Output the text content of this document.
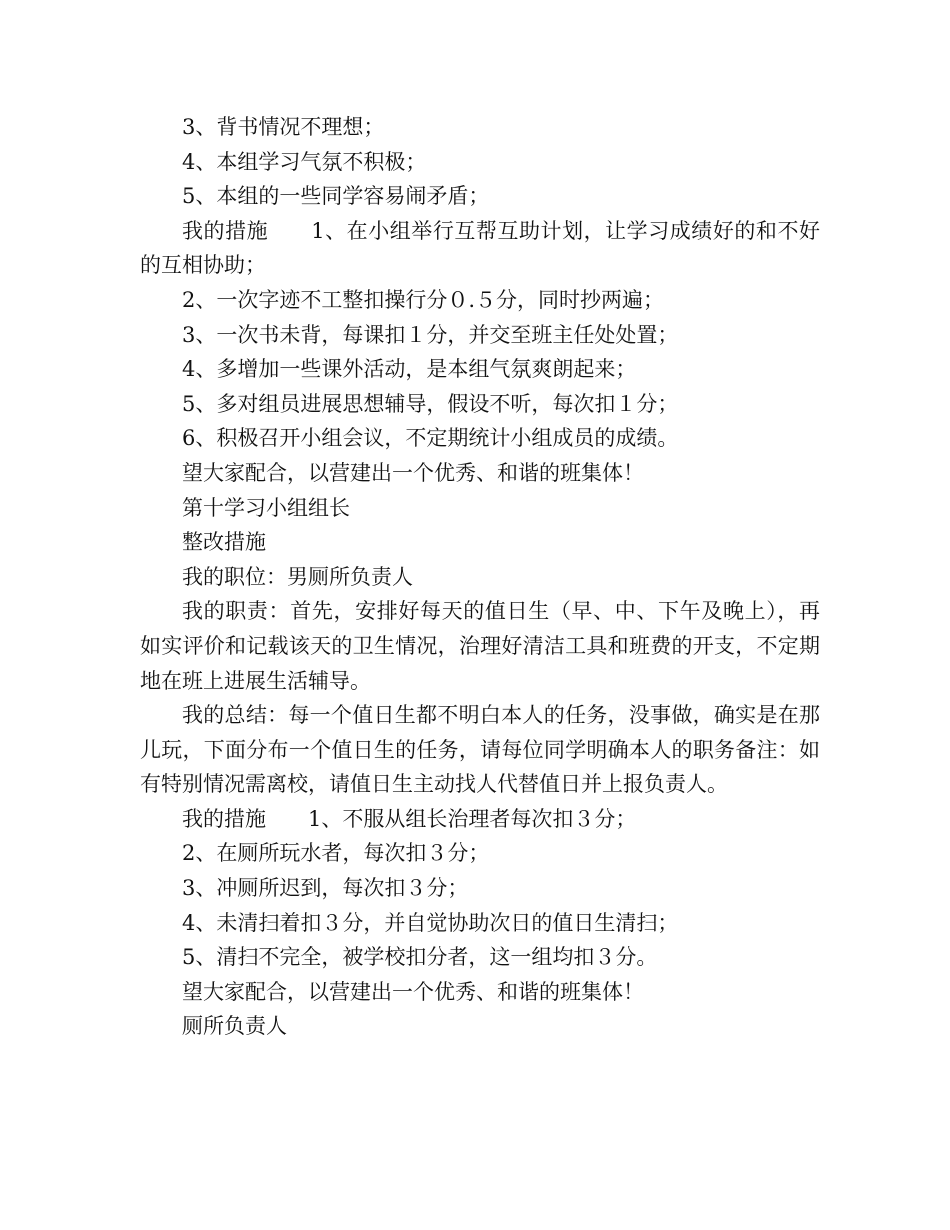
3、背书情况不理想；

4、本组学习气氛不积极；

5、本组的一些同学容易闹矛盾；

我的措施　　1、在小组举行互帮互助计划，让学习成绩好的和不好的互相协助；

2、一次字迹不工整扣操行分０.５分，同时抄两遍；

3、一次书未背，每课扣１分，并交至班主任处处置；

4、多增加一些课外活动，是本组气氛爽朗起来；

5、多对组员进展思想辅导，假设不听，每次扣１分；

6、积极召开小组会议，不定期统计小组成员的成绩。

望大家配合，以营建出一个优秀、和谐的班集体！

第十学习小组组长

整改措施

我的职位：男厕所负责人

我的职责：首先，安排好每天的值日生（早、中、下午及晚上），再如实评价和记载该天的卫生情况，治理好清洁工具和班费的开支，不定期地在班上进展生活辅导。

我的总结：每一个值日生都不明白本人的任务，没事做，确实是在那儿玩，下面分布一个值日生的任务，请每位同学明确本人的职务备注：如有特别情况需离校，请值日生主动找人代替值日并上报负责人。

我的措施　　1、不服从组长治理者每次扣３分；

2、在厕所玩水者，每次扣３分；

3、冲厕所迟到，每次扣３分；

4、未清扫着扣３分，并自觉协助次日的值日生清扫；

5、清扫不完全，被学校扣分者，这一组均扣３分。

望大家配合，以营建出一个优秀、和谐的班集体！

厕所负责人
